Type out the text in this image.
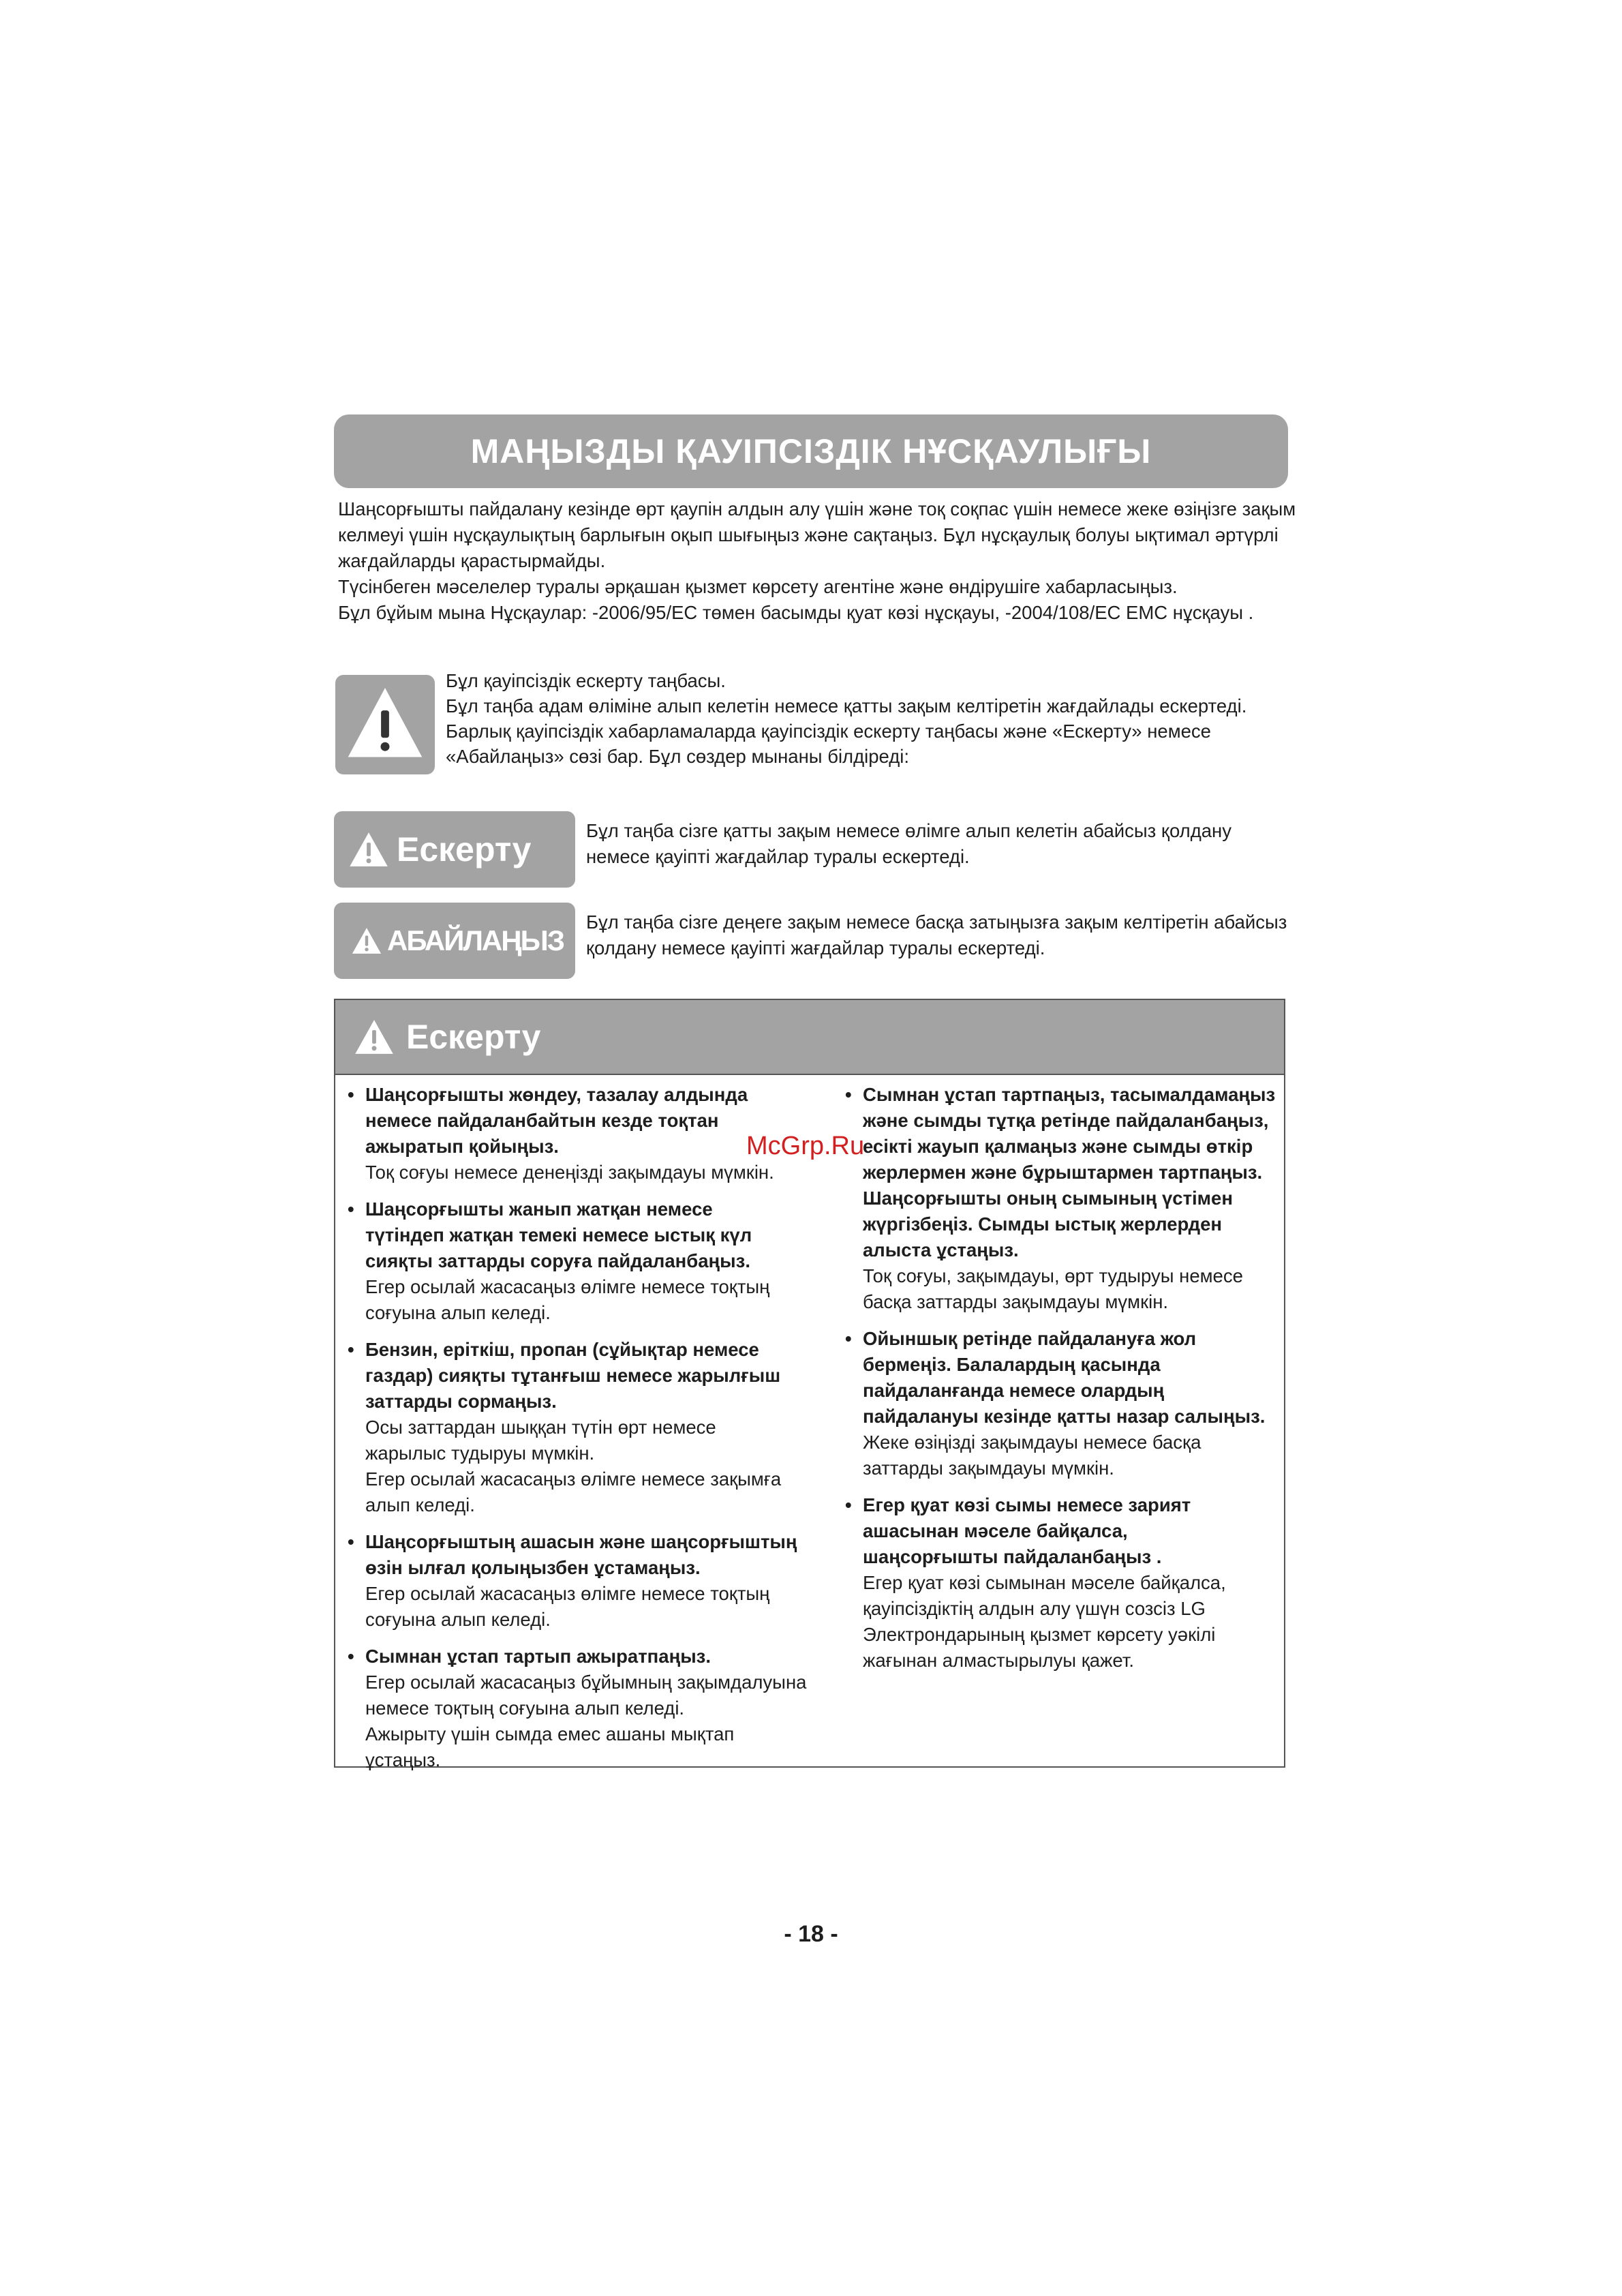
МАҢЫЗДЫ ҚАУІПСІЗДІК НҰСҚАУЛЫҒЫ

Шаңсорғышты пайдалану кезінде өрт қаупін алдын алу үшін және тоқ соқпас үшін немесе жеке өзіңізге зақым келмеуі үшін нұсқаулықтың барлығын оқып шығыңыз және сақтаңыз. Бұл нұсқаулық болуы ықтимал әртүрлі жағдайларды қарастырмайды.

Түсінбеген мәселелер туралы әрқашан қызмет көрсету агентіне және өндірушіге хабарласыңыз.

Бұл бұйым мына Нұсқаулар: -2006/95/EC төмен басымды қуат көзі нұсқауы, -2004/108/EC EMC нұсқауы .

Бұл қауіпсіздік ескерту таңбасы.

Бұл таңба адам өліміне алып келетін немесе қатты зақым келтіретін жағдайлады ескертеді.

Барлық қауіпсіздік хабарламаларда қауіпсіздік ескерту таңбасы және «Ескерту» немесе «Абайлаңыз» сөзі бар. Бұл сөздер мынаны білдіреді:

Ескерту	Бұл таңба сізге қатты зақым немесе өлімге алып келетін абайсыз қолдану немесе қауіпті жағдайлар туралы ескертеді.

АБАЙЛАҢЫЗ

Бұл таңба сізге деңеге зақым немесе басқа затыңызға зақым келтіретін абайсыз қолдану немесе қауіпті жағдайлар туралы ескертеді.

Ескерту
• Шаңсорғышты жөндеу, тазалау алдында
немесе пайдаланбайтын кезде тоқтан
ажыратып қойыңыз.
Тоқ соғуы немесе денеңізді зақымдауы мүмкін.
• Шаңсорғышты жанып жатқан немесе
түтіндеп жатқан темекі немесе ыстық күл
сияқты заттарды соруға пайдаланбаңыз.
Егер осылай жасасаңыз өлімге немесе тоқтың
соғуына алып келеді.
• Бензин, еріткіш, пропан (сұйықтар немесе
газдар) сияқты тұтанғыш немесе жарылғыш
заттарды сормаңыз.
Осы заттардан шыққан түтін өрт немесе
жарылыс тудыруы мүмкін.
Егер осылай жасасаңыз өлімге немесе зақымға
алып келеді.
• Шаңсорғыштың ашасын және шаңсорғыштың
өзін ылғал қолыңызбен ұстамаңыз.
Егер осылай жасасаңыз өлімге немесе тоқтың
соғуына алып келеді.
• Сымнан ұстап тартып ажыратпаңыз.
Егер осылай жасасаңыз бұйымның зақымдалуына
немесе тоқтың соғуына алып келеді.
Ажырыту үшін сымда емес ашаны мықтап ұстаңыз.
• Сымнан ұстап тартпаңыз, тасымалдамаңыз
және сымды тұтқа ретінде пайдаланбаңыз,
есікті жауып қалмаңыз және сымды өткір
жерлермен және бұрыштармен тартпаңыз.
Шаңсорғышты оның сымының үстімен
жүргізбеңіз. Сымды ыстық жерлерден
алыста ұстаңыз.
Тоқ соғуы, зақымдауы, өрт тудыруы немесе
басқа заттарды зақымдауы мүмкін.
• Ойыншық ретінде пайдалануға жол
бермеңіз. Балалардың қасында
пайдаланғанда немесе олардың
пайдалануы кезінде қатты назар салыңыз.
Жеке өзіңізді зақымдауы немесе басқа
заттарды зақымдауы мүмкін.
• Егер қуат көзі сымы немесе зарият
ашасынан мәселе байқалса,
шаңсорғышты пайдаланбаңыз .
Егер қуат көзі сымынан мәселе байқалса,
қауіпсіздіктің алдын алу үшүн созсіз LG
Электрондарының қызмет көрсету уәкілі
жағынан алмастырылуы қажет.
McGrp.Ru
- 18 -
